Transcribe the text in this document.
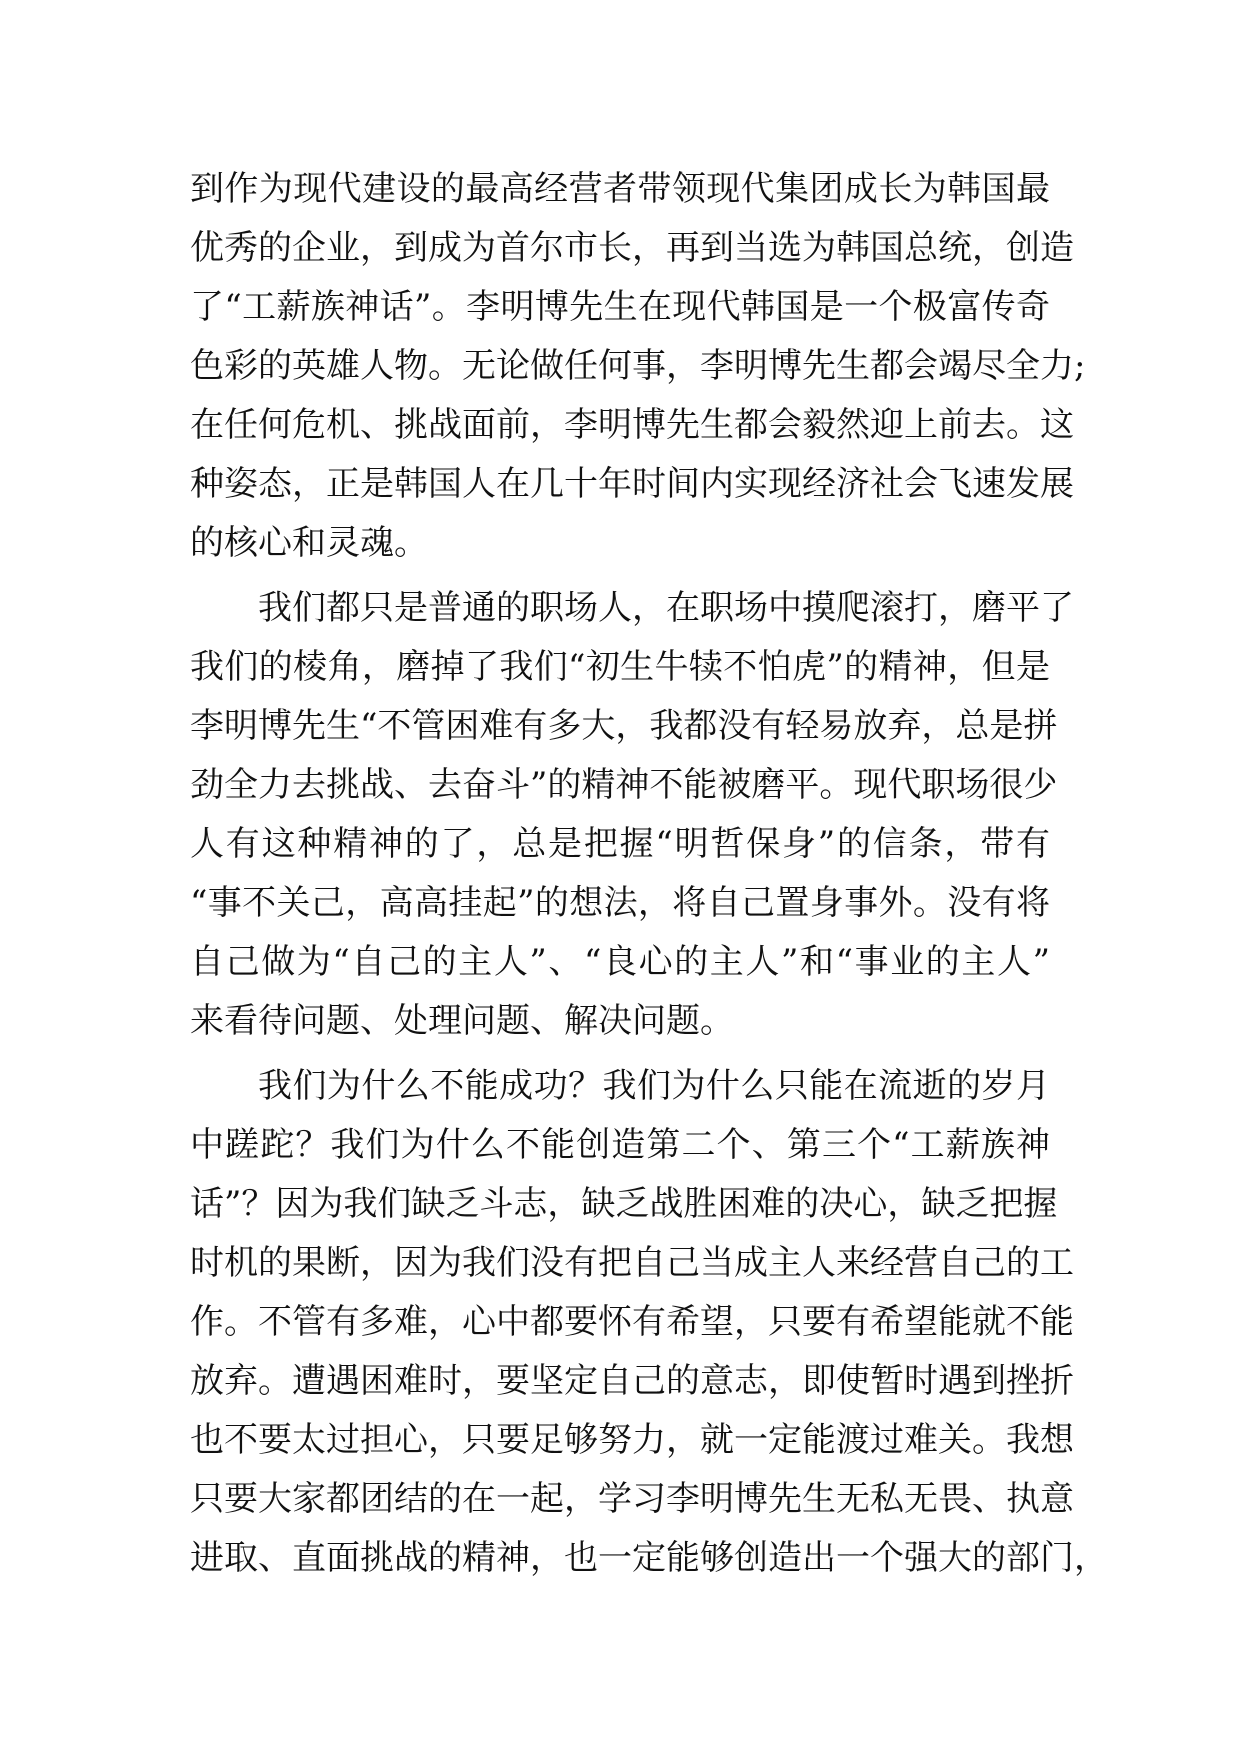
到作为现代建设的最高经营者带领现代集团成长为韩国最
优秀的企业，到成为首尔市长，再到当选为韩国总统，创造
了“工薪族神话”。李明博先生在现代韩国是一个极富传奇
色彩的英雄人物。无论做任何事，李明博先生都会竭尽全力;
在任何危机、挑战面前，李明博先生都会毅然迎上前去。这
种姿态，正是韩国人在几十年时间内实现经济社会飞速发展
的核心和灵魂。
我们都只是普通的职场人，在职场中摸爬滚打，磨平了
我们的棱角，磨掉了我们“初生牛犊不怕虎”的精神，但是
李明博先生“不管困难有多大，我都没有轻易放弃，总是拼
劲全力去挑战、去奋斗”的精神不能被磨平。现代职场很少
人有这种精神的了，总是把握“明哲保身”的信条，带有
“事不关己，高高挂起”的想法，将自己置身事外。没有将
自己做为“自己的主人”、“良心的主人”和“事业的主人”
来看待问题、处理问题、解决问题。
我们为什么不能成功？我们为什么只能在流逝的岁月
中蹉跎？我们为什么不能创造第二个、第三个“工薪族神
话”？因为我们缺乏斗志，缺乏战胜困难的决心，缺乏把握
时机的果断，因为我们没有把自己当成主人来经营自己的工
作。不管有多难，心中都要怀有希望，只要有希望能就不能
放弃。遭遇困难时，要坚定自己的意志，即使暂时遇到挫折
也不要太过担心，只要足够努力，就一定能渡过难关。我想
只要大家都团结的在一起，学习李明博先生无私无畏、执意
进取、直面挑战的精神，也一定能够创造出一个强大的部门，
